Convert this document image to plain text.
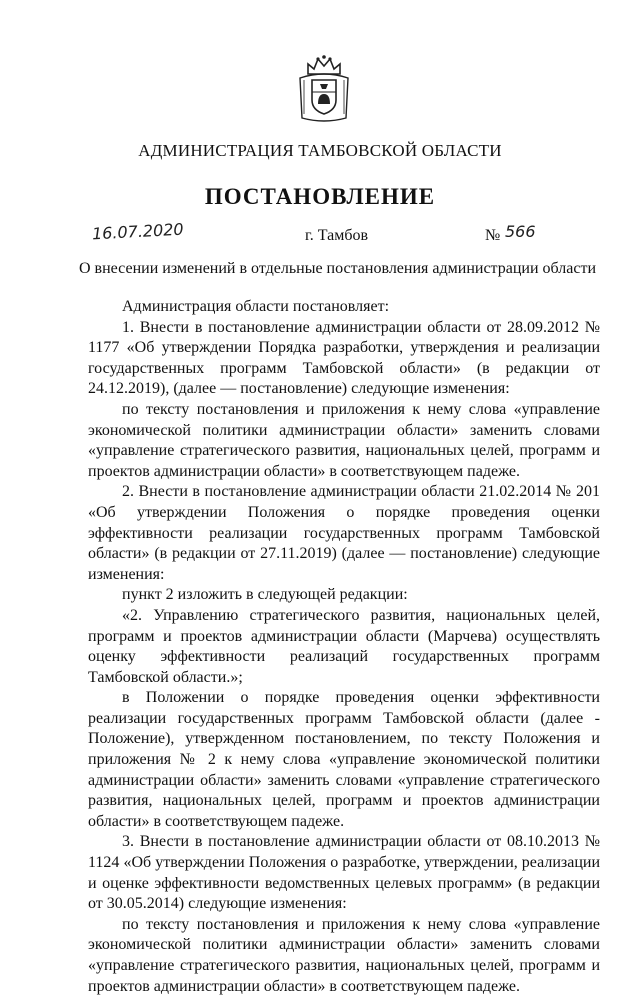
АДМИНИСТРАЦИЯ ТАМБОВСКОЙ ОБЛАСТИ
ПОСТАНОВЛЕНИЕ
16.07.2020	г. Тамбов	№ 566
О внесении изменений в отдельные постановления администрации области

Администрация области постановляет:

1. Внести в постановление администрации области от 28.09.2012 № 1177 «Об утверждении Порядка разработки, утверждения и реализации государственных программ Тамбовской области» (в редакции от 24.12.2019), (далее — постановление) следующие изменения:

по тексту постановления и приложения к нему слова «управление экономической политики администрации области» заменить словами «управление стратегического развития, национальных целей, программ и проектов администрации области» в соответствующем падеже.

2. Внести в постановление администрации области 21.02.2014 № 201 «Об утверждении Положения о порядке проведения оценки эффективности реализации государственных программ Тамбовской области» (в редакции от 27.11.2019) (далее — постановление) следующие изменения:

пункт 2 изложить в следующей редакции:

«2. Управлению стратегического развития, национальных целей, программ и проектов администрации области (Марчева) осуществлять оценку эффективности реализаций государственных программ Тамбовской области.»;

в Положении о порядке проведения оценки эффективности реализации государственных программ Тамбовской области (далее - Положение), утвержденном постановлением, по тексту Положения и приложения № 2 к нему слова «управление экономической политики администрации области» заменить словами «управление стратегического развития, национальных целей, программ и проектов администрации области» в соответствующем падеже.

3. Внести в постановление администрации области от 08.10.2013 № 1124 «Об утверждении Положения о разработке, утверждении, реализации и оценке эффективности ведомственных целевых программ» (в редакции от 30.05.2014) следующие изменения:

по тексту постановления и приложения к нему слова «управление экономической политики администрации области» заменить словами «управление стратегического развития, национальных целей, программ и проектов администрации области» в соответствующем падеже.
